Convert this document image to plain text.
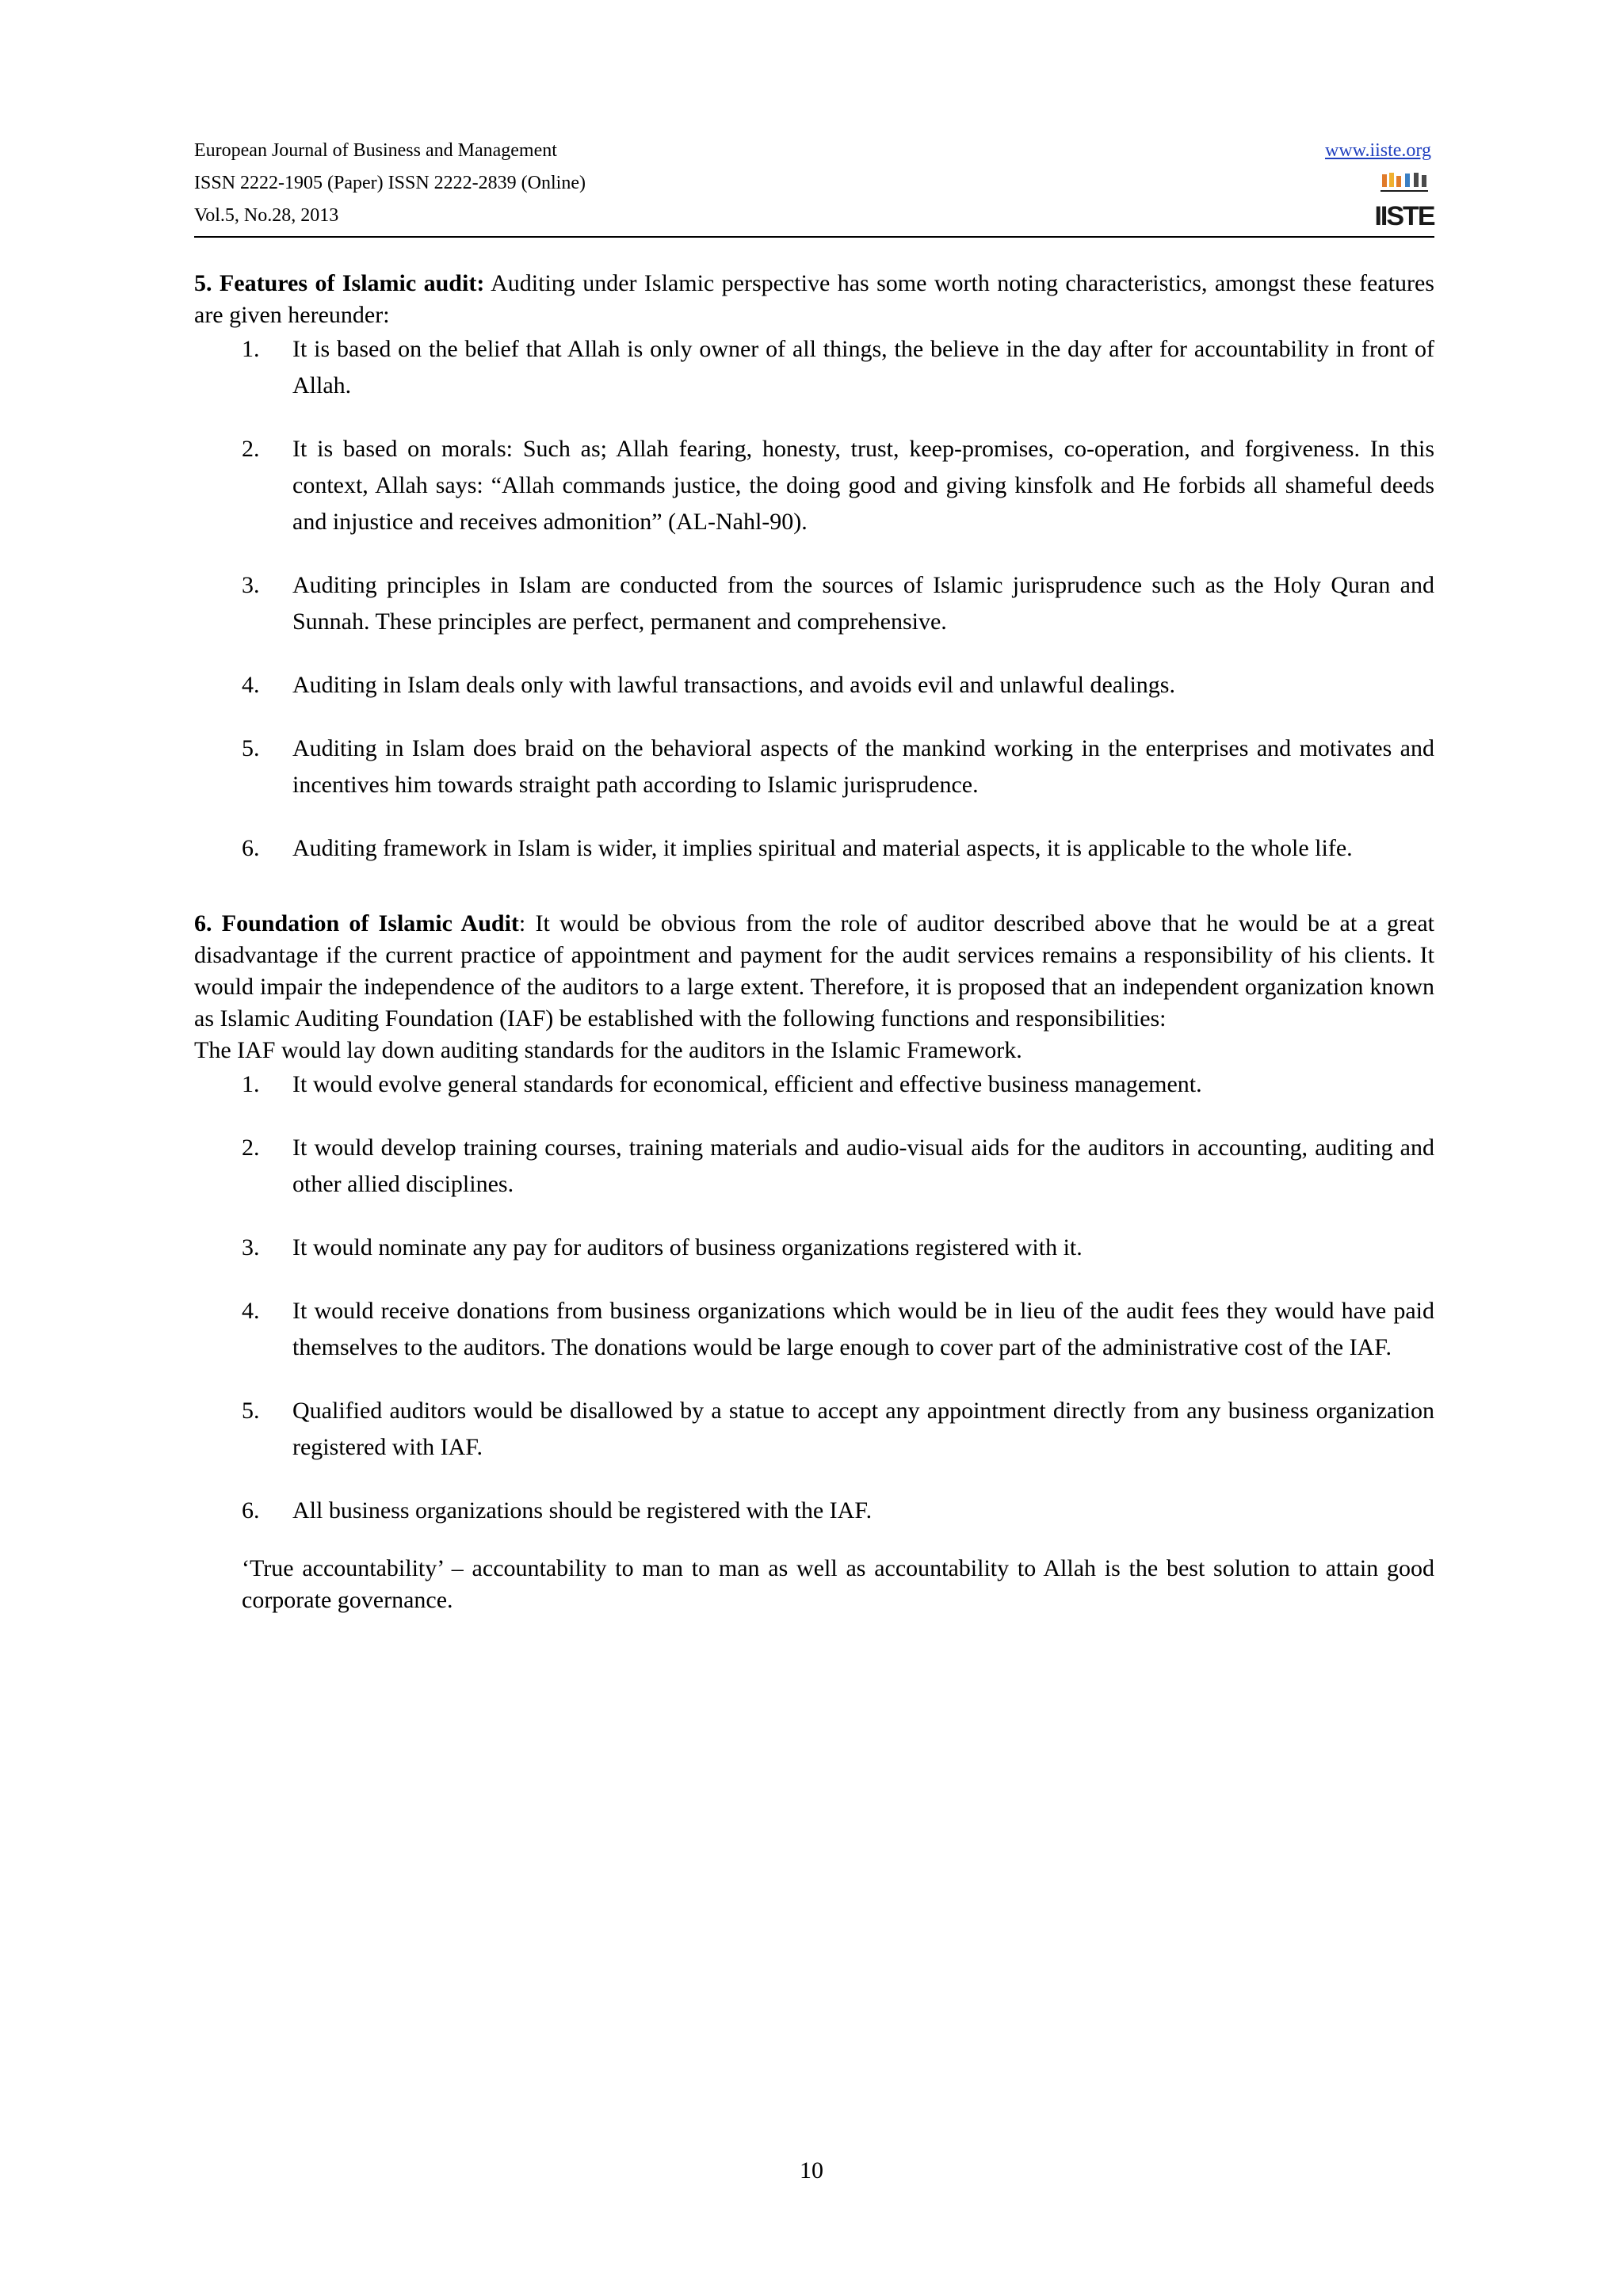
European Journal of Business and Management
ISSN 2222-1905 (Paper) ISSN 2222-2839 (Online)
Vol.5, No.28, 2013
www.iiste.org
IISTE

5. Features of Islamic audit: Auditing under Islamic perspective has some worth noting characteristics, amongst these features are given hereunder:

1. It is based on the belief that Allah is only owner of all things, the believe in the day after for accountability in front of Allah.
2. It is based on morals: Such as; Allah fearing, honesty, trust, keep-promises, co-operation, and forgiveness. In this context, Allah says: “Allah commands justice, the doing good and giving kinsfolk and He forbids all shameful deeds and injustice and receives admonition” (AL-Nahl-90).
3. Auditing principles in Islam are conducted from the sources of Islamic jurisprudence such as the Holy Quran and Sunnah. These principles are perfect, permanent and comprehensive.
4. Auditing in Islam deals only with lawful transactions, and avoids evil and unlawful dealings.
5. Auditing in Islam does braid on the behavioral aspects of the mankind working in the enterprises and motivates and incentives him towards straight path according to Islamic jurisprudence.
6. Auditing framework in Islam is wider, it implies spiritual and material aspects, it is applicable to the whole life.

6. Foundation of Islamic Audit: It would be obvious from the role of auditor described above that he would be at a great disadvantage if the current practice of appointment and payment for the audit services remains a responsibility of his clients. It would impair the independence of the auditors to a large extent. Therefore, it is proposed that an independent organization known as Islamic Auditing Foundation (IAF) be established with the following functions and responsibilities:

The IAF would lay down auditing standards for the auditors in the Islamic Framework.

1. It would evolve general standards for economical, efficient and effective business management.
2. It would develop training courses, training materials and audio-visual aids for the auditors in accounting, auditing and other allied disciplines.
3. It would nominate any pay for auditors of business organizations registered with it.
4. It would receive donations from business organizations which would be in lieu of the audit fees they would have paid themselves to the auditors. The donations would be large enough to cover part of the administrative cost of the IAF.
5. Qualified auditors would be disallowed by a statue to accept any appointment directly from any business organization registered with IAF.
6. All business organizations should be registered with the IAF.

‘True accountability’ – accountability to man to man as well as accountability to Allah is the best solution to attain good corporate governance.

10
